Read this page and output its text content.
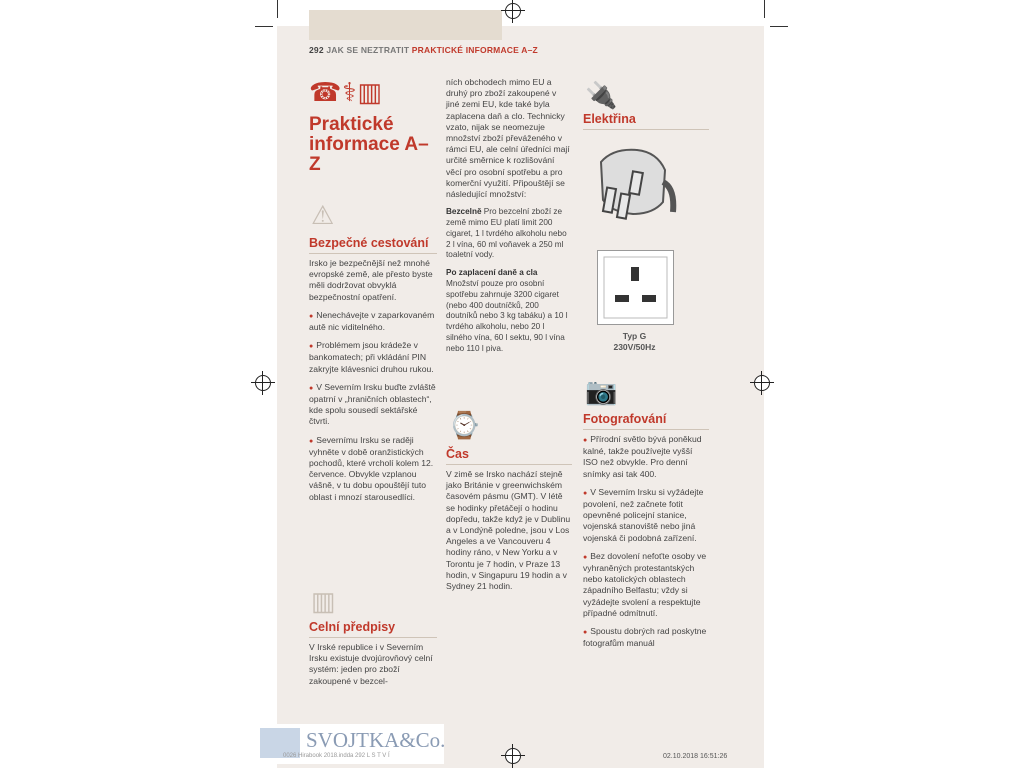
292 JAK SE NEZTRATIT PRAKTICKÉ INFORMACE A–Z
☎⚕▥
Praktické informace A–Z
⚠
Bezpečné cestování

Irsko je bezpečnější než mnohé evropské země, ale přesto byste měli dodržovat obvyklá bezpečnostní opatření.

● Nenechávejte v zaparkovaném autě nic viditelného.

● Problémem jsou krádeže v bankomatech; při vkládání PIN zakryjte klávesnici druhou rukou.

● V Severním Irsku buďte zvláště opatrní v „hraničních oblastech“, kde spolu sousedí sektářské čtvrti.

● Severnímu Irsku se raději vyhněte v době oranžistických pochodů, které vrcholí kolem 12. července. Obvykle vzplanou vášně, v tu dobu opouštějí tuto oblast i mnozí starousedlíci.

▥
Celní předpisy

V Irské republice i v Severním Irsku existuje dvojúrovňový celní systém: jeden pro zboží zakoupené v bezcel-

ních obchodech mimo EU a druhý pro zboží zakoupené v jiné zemi EU, kde také byla zaplacena daň a clo. Technicky vzato, nijak se neomezuje množství zboží převáženého v rámci EU, ale celní úředníci mají určité směrnice k rozlišování věcí pro osobní spotřebu a pro komerční využití. Připouštějí se následující množství:

Bezcelně Pro bezcelní zboží ze země mimo EU platí limit 200 cigaret, 1 l tvrdého alkoholu nebo 2 l vína, 60 ml voňavek a 250 ml toaletní vody.

Po zaplacení daně a cla Množství pouze pro osobní spotřebu zahrnuje 3200 cigaret (nebo 400 doutníčků, 200 doutníků nebo 3 kg tabáku) a 10 l tvrdého alkoholu, nebo 20 l silného vína, 60 l sektu, 90 l vína nebo 110 l piva.

⌚
Čas

V zimě se Irsko nachází stejně jako Británie v greenwichském časovém pásmu (GMT). V létě se hodinky přetáčejí o hodinu dopředu, takže když je v Dublinu a v Londýně poledne, jsou v Los Angeles a ve Vancouveru 4 hodiny ráno, v New Yorku a v Torontu je 7 hodin, v Praze 13 hodin, v Singapuru 19 hodin a v Sydney 21 hodin.

🔌
Elektřina
Typ G
230V/50Hz
📷
Fotografování

● Přírodní světlo bývá poněkud kalné, takže používejte vyšší ISO než obvykle. Pro denní snímky asi tak 400.

● V Severním Irsku si vyžádejte povolení, než začnete fotit opevněné policejní stanice, vojenská stanoviště nebo jiná vojenská či podobná zařízení.

● Bez dovolení nefoťte osoby ve vyhraněných protestantských nebo katolických oblastech západního Belfastu; vždy si vyžádejte svolení a respektujte případné odmítnutí.

● Spoustu dobrých rad poskytne fotografům manuál

SVOJTKA&Co.
0026 Hirabook 2018.indda 292 L S T V Í	02.10.2018 16:51:26
